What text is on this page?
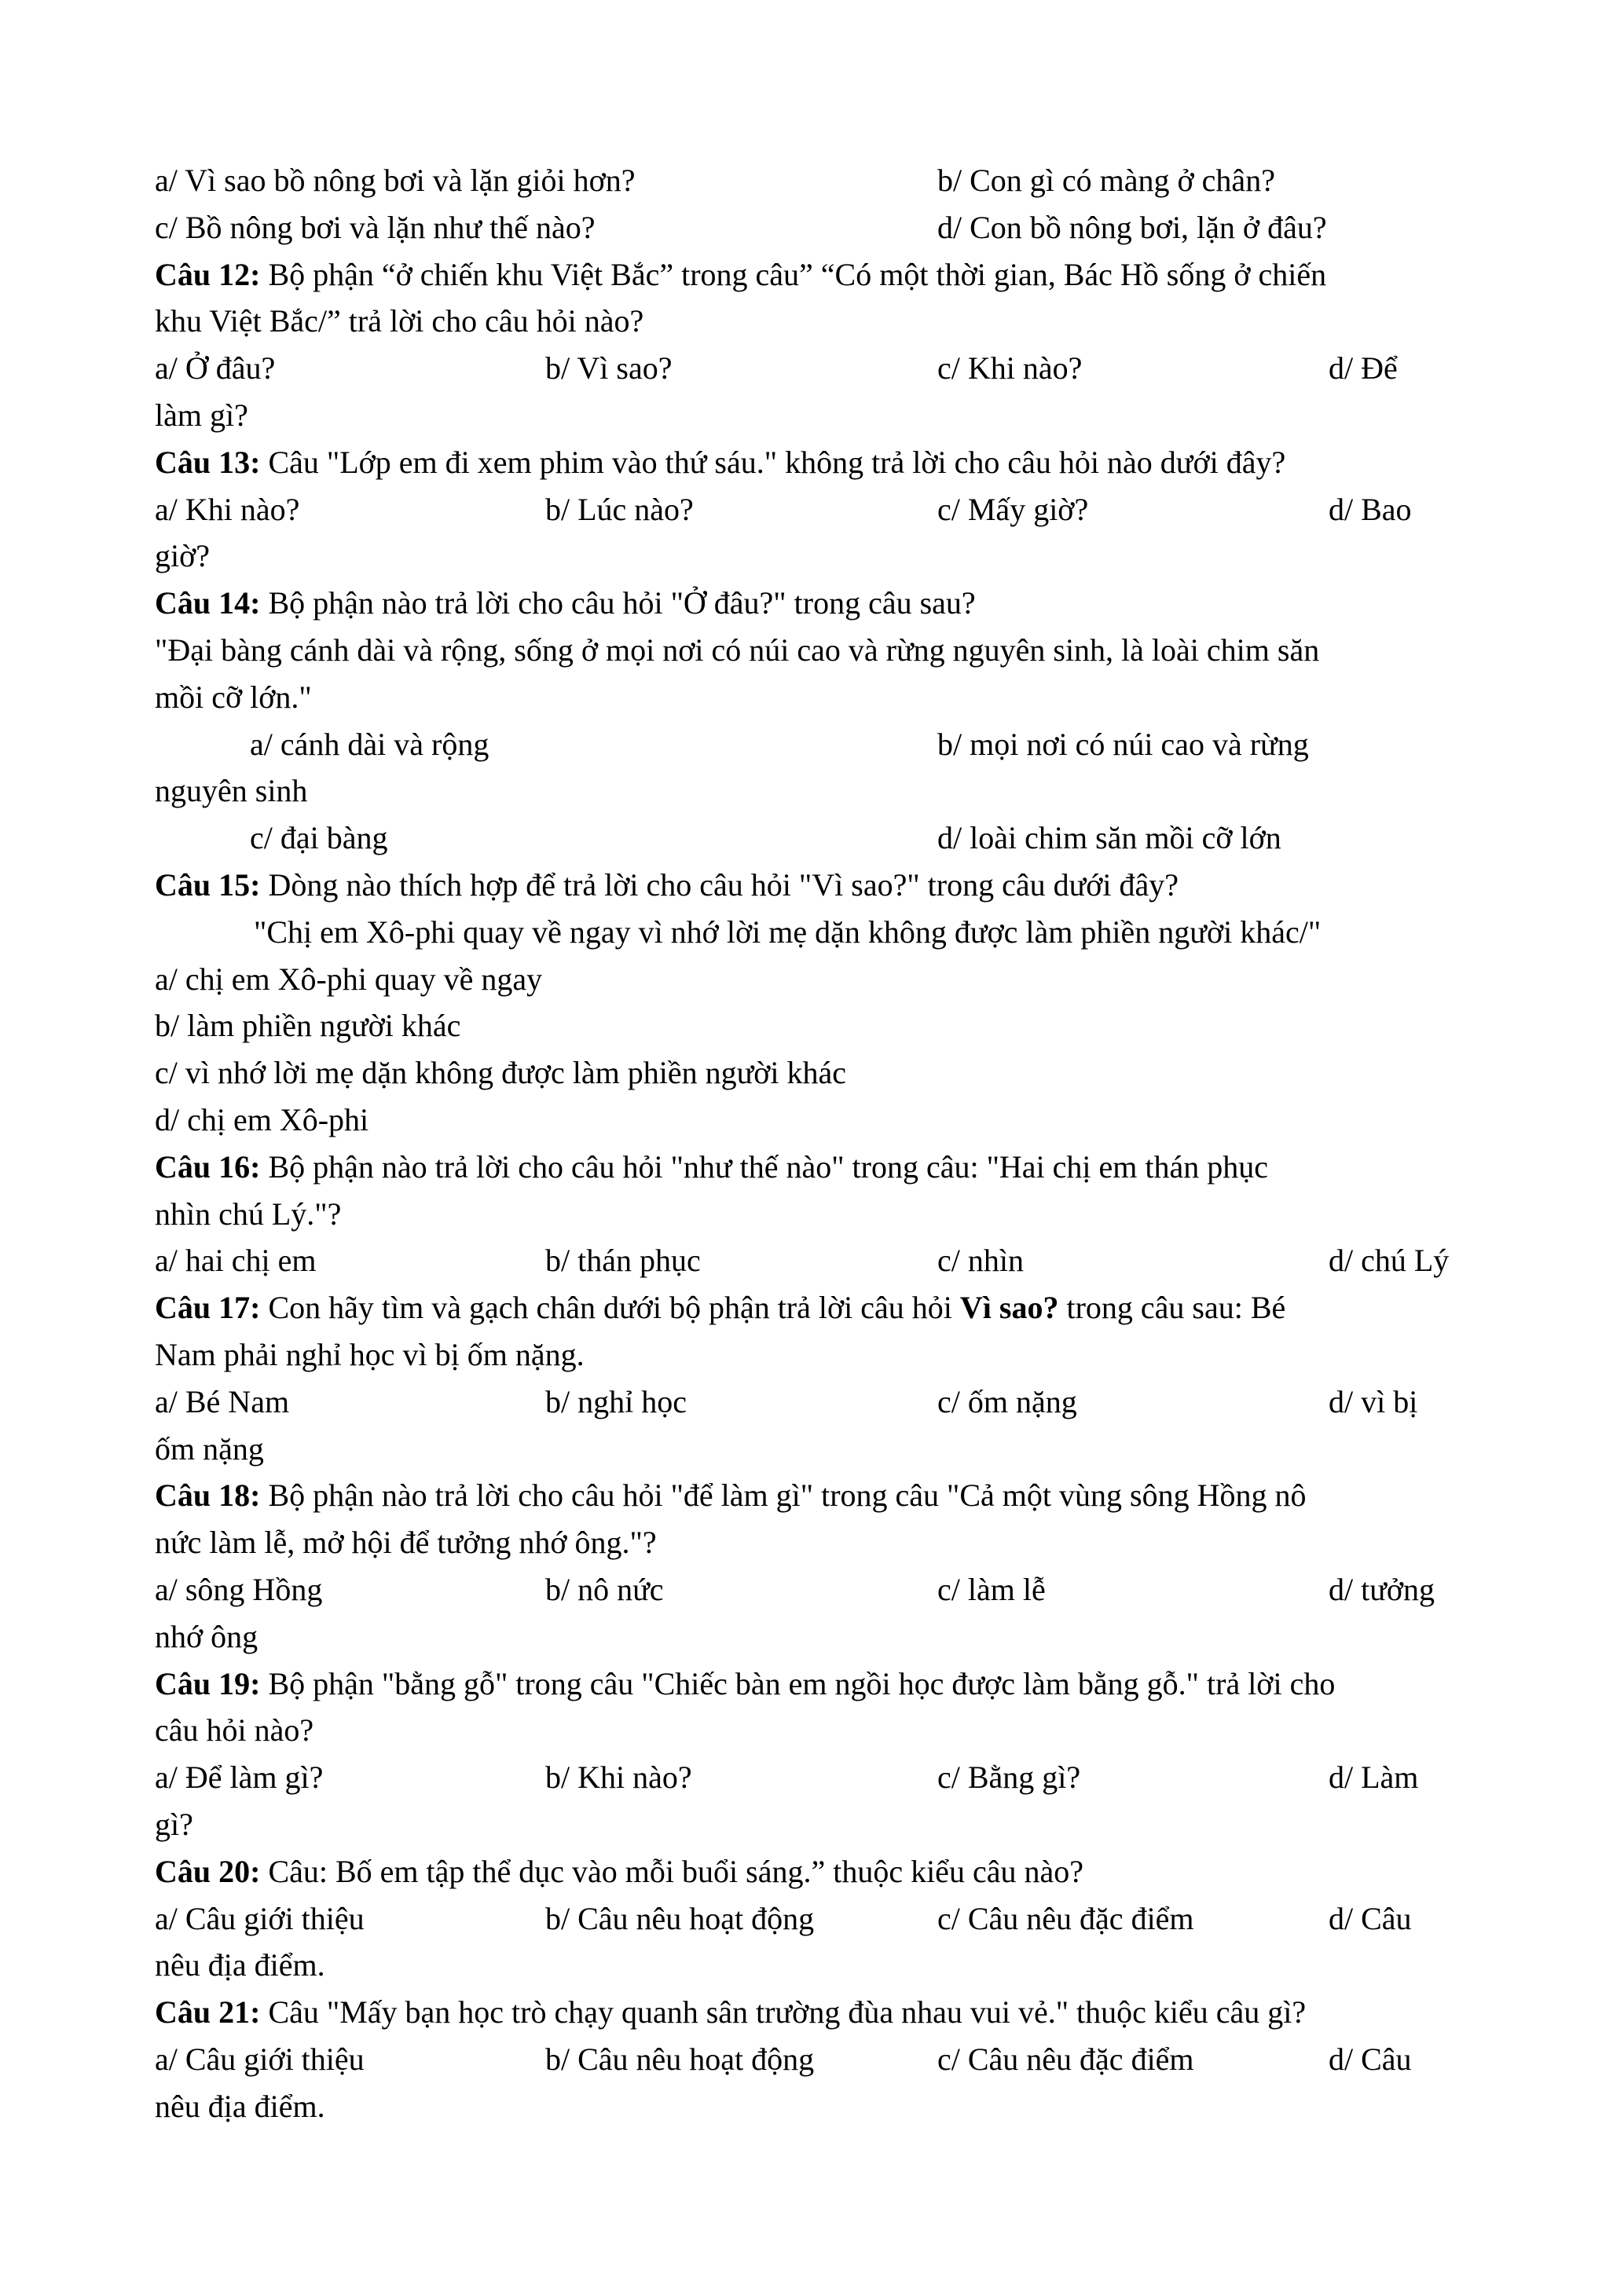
a/ Vì sao bồ nông bơi và lặn giỏi hơn?	b/ Con gì có màng ở chân?
c/ Bồ nông bơi và lặn như thế nào?	d/ Con bồ nông bơi, lặn ở đâu?
Câu 12: Bộ phận “ở chiến khu Việt Bắc” trong câu” “Có một thời gian, Bác Hồ sống ở chiến
khu Việt Bắc/” trả lời cho câu hỏi nào?
a/ Ở đâu?	b/ Vì sao?	c/ Khi nào?	d/ Để
làm gì?
Câu 13: Câu "Lớp em đi xem phim vào thứ sáu." không trả lời cho câu hỏi nào dưới đây?
a/ Khi nào?	b/ Lúc nào?	c/ Mấy giờ?	d/ Bao
giờ?
Câu 14: Bộ phận nào trả lời cho câu hỏi "Ở đâu?" trong câu sau?
"Đại bàng cánh dài và rộng, sống ở mọi nơi có núi cao và rừng nguyên sinh, là loài chim săn
mồi cỡ lớn."
a/ cánh dài và rộng	b/ mọi nơi có núi cao và rừng
nguyên sinh
c/ đại bàng	d/ loài chim săn mồi cỡ lớn
Câu 15: Dòng nào thích hợp để trả lời cho câu hỏi "Vì sao?" trong câu dưới đây?
"Chị em Xô-phi quay về ngay vì nhớ lời mẹ dặn không được làm phiền người khác/"
a/ chị em Xô-phi quay về ngay
b/ làm phiền người khác
c/ vì nhớ lời mẹ dặn không được làm phiền người khác
d/ chị em Xô-phi
Câu 16: Bộ phận nào trả lời cho câu hỏi "như thế nào" trong câu: "Hai chị em thán phục
nhìn chú Lý."?
a/ hai chị em	b/ thán phục	c/ nhìn	d/ chú Lý
Câu 17: Con hãy tìm và gạch chân dưới bộ phận trả lời câu hỏi Vì sao? trong câu sau: Bé
Nam phải nghỉ học vì bị ốm nặng.
a/ Bé Nam	b/ nghỉ học	c/ ốm nặng	d/ vì bị
ốm nặng
Câu 18: Bộ phận nào trả lời cho câu hỏi "để làm gì" trong câu "Cả một vùng sông Hồng nô
nức làm lễ, mở hội để tưởng nhớ ông."?
a/ sông Hồng	b/ nô nức	c/ làm lễ	d/ tưởng
nhớ ông
Câu 19: Bộ phận "bằng gỗ" trong câu "Chiếc bàn em ngồi học được làm bằng gỗ." trả lời cho
câu hỏi nào?
a/ Để làm gì?	b/ Khi nào?	c/ Bằng gì?	d/ Làm
gì?
Câu 20: Câu: Bố em tập thể dục vào mỗi buổi sáng.” thuộc kiểu câu nào?
a/ Câu giới thiệu	b/ Câu nêu hoạt động	c/ Câu nêu đặc điểm	d/ Câu
nêu địa điểm.
Câu 21: Câu "Mấy bạn học trò chạy quanh sân trường đùa nhau vui vẻ." thuộc kiểu câu gì?
a/ Câu giới thiệu	b/ Câu nêu hoạt động	c/ Câu nêu đặc điểm	d/ Câu
nêu địa điểm.
